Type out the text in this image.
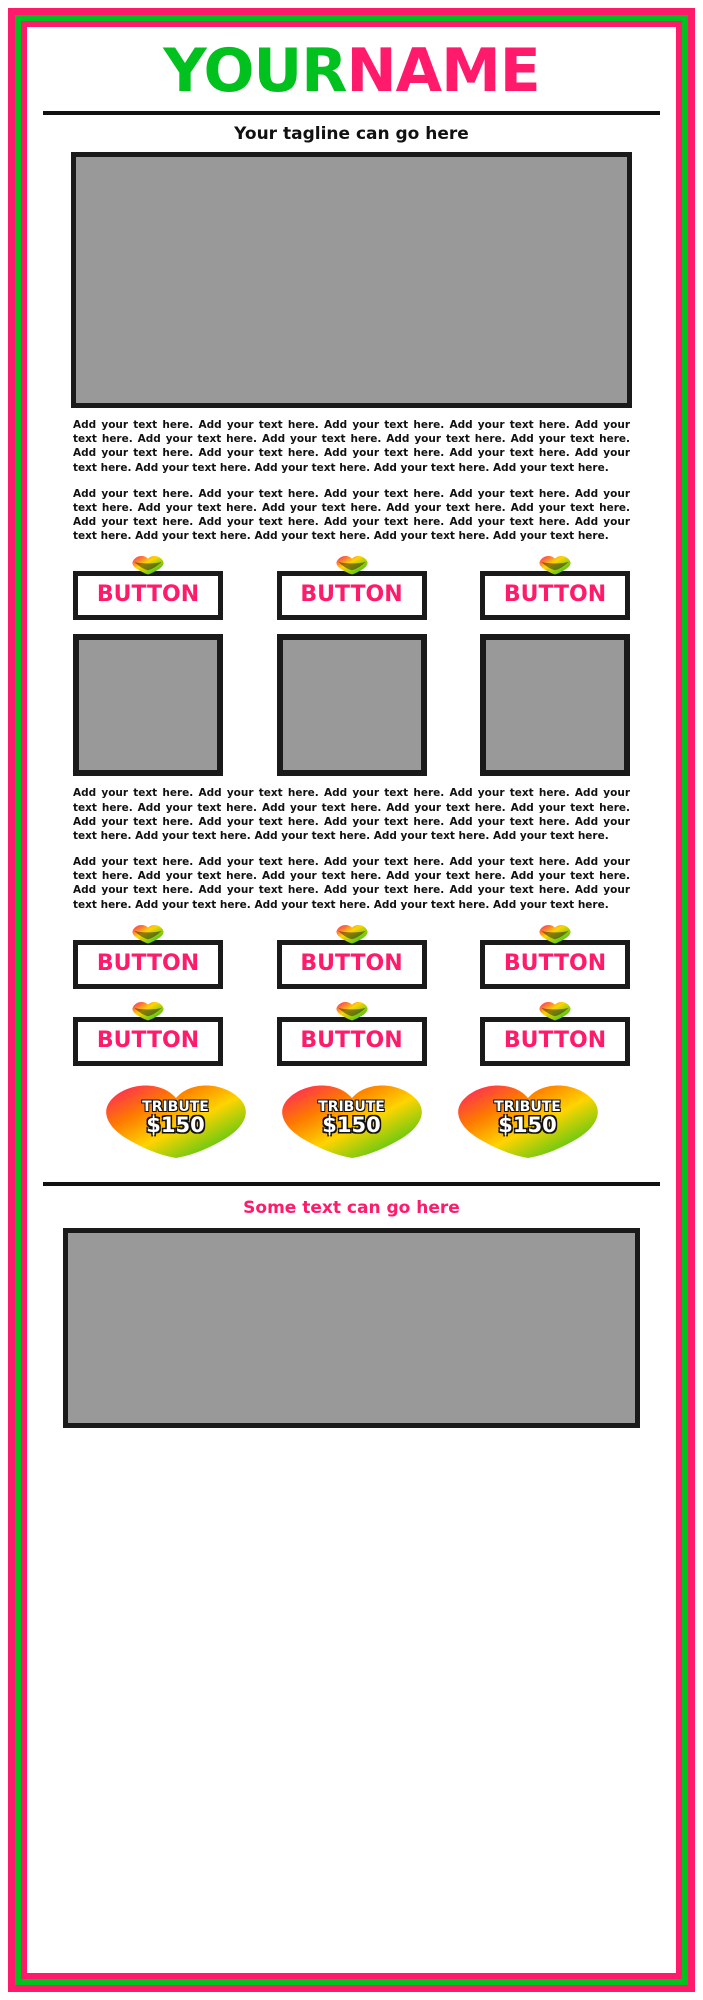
YOURNAME
Your tagline can go here

Add your text here. Add your text here. Add your text here. Add your text here. Add your text here. Add your text here. Add your text here. Add your text here. Add your text here. Add your text here. Add your text here. Add your text here. Add your text here. Add your text here. Add your text here. Add your text here. Add your text here. Add your text here.

Add your text here. Add your text here. Add your text here. Add your text here. Add your text here. Add your text here. Add your text here. Add your text here. Add your text here. Add your text here. Add your text here. Add your text here. Add your text here. Add your text here. Add your text here. Add your text here. Add your text here. Add your text here.

BUTTON	BUTTON	BUTTON

Add your text here. Add your text here. Add your text here. Add your text here. Add your text here. Add your text here. Add your text here. Add your text here. Add your text here. Add your text here. Add your text here. Add your text here. Add your text here. Add your text here. Add your text here. Add your text here. Add your text here. Add your text here.

Add your text here. Add your text here. Add your text here. Add your text here. Add your text here. Add your text here. Add your text here. Add your text here. Add your text here. Add your text here. Add your text here. Add your text here. Add your text here. Add your text here. Add your text here. Add your text here. Add your text here. Add your text here.

BUTTON	BUTTON	BUTTON
BUTTON	BUTTON	BUTTON
TRIBUTE
$150
TRIBUTE
$150
TRIBUTE
$150
Some text can go here
